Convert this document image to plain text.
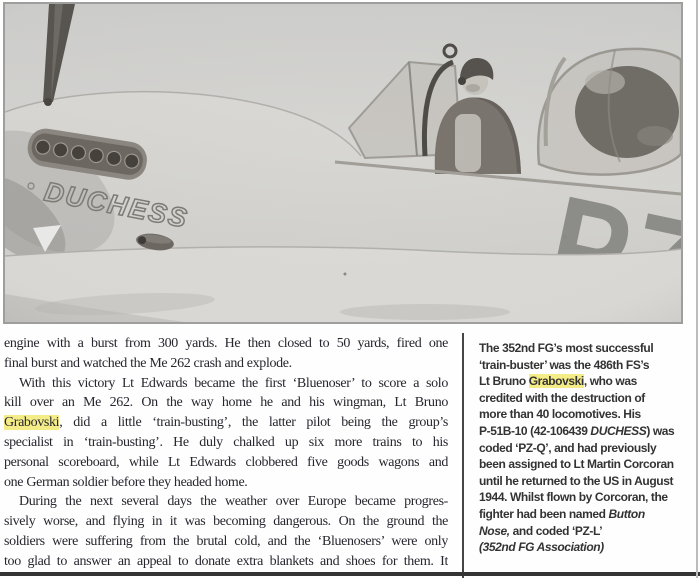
engine with a burst from 300 yards. He then closed to 50 yards, fired one
final burst and watched the Me 262 crash and explode.
With this victory Lt Edwards became the first ‘Bluenoser’ to score a solo
kill over an Me 262. On the way home he and his wingman, Lt Bruno
Grabovski, did a little ‘train-busting’, the latter pilot being the group’s
specialist in ‘train-busting’. He duly chalked up six more trains to his
personal scoreboard, while Lt Edwards clobbered five goods wagons and
one German soldier before they headed home.
During the next several days the weather over Europe became progres-
sively worse, and flying in it was becoming dangerous. On the ground the
soldiers were suffering from the brutal cold, and the ‘Bluenosers’ were only
too glad to answer an appeal to donate extra blankets and shoes for them. It
The 352nd FG’s most successful
‘train-buster’ was the 486th FS’s
Lt Bruno Grabovski, who was
credited with the destruction of
more than 40 locomotives. His
P-51B-10 (42-106439 DUCHESS) was
coded ‘PZ-Q’, and had previously
been assigned to Lt Martin Corcoran
until he returned to the US in August
1944. Whilst flown by Corcoran, the
fighter had been named Button
Nose, and coded ‘PZ-L’
(352nd FG Association)
